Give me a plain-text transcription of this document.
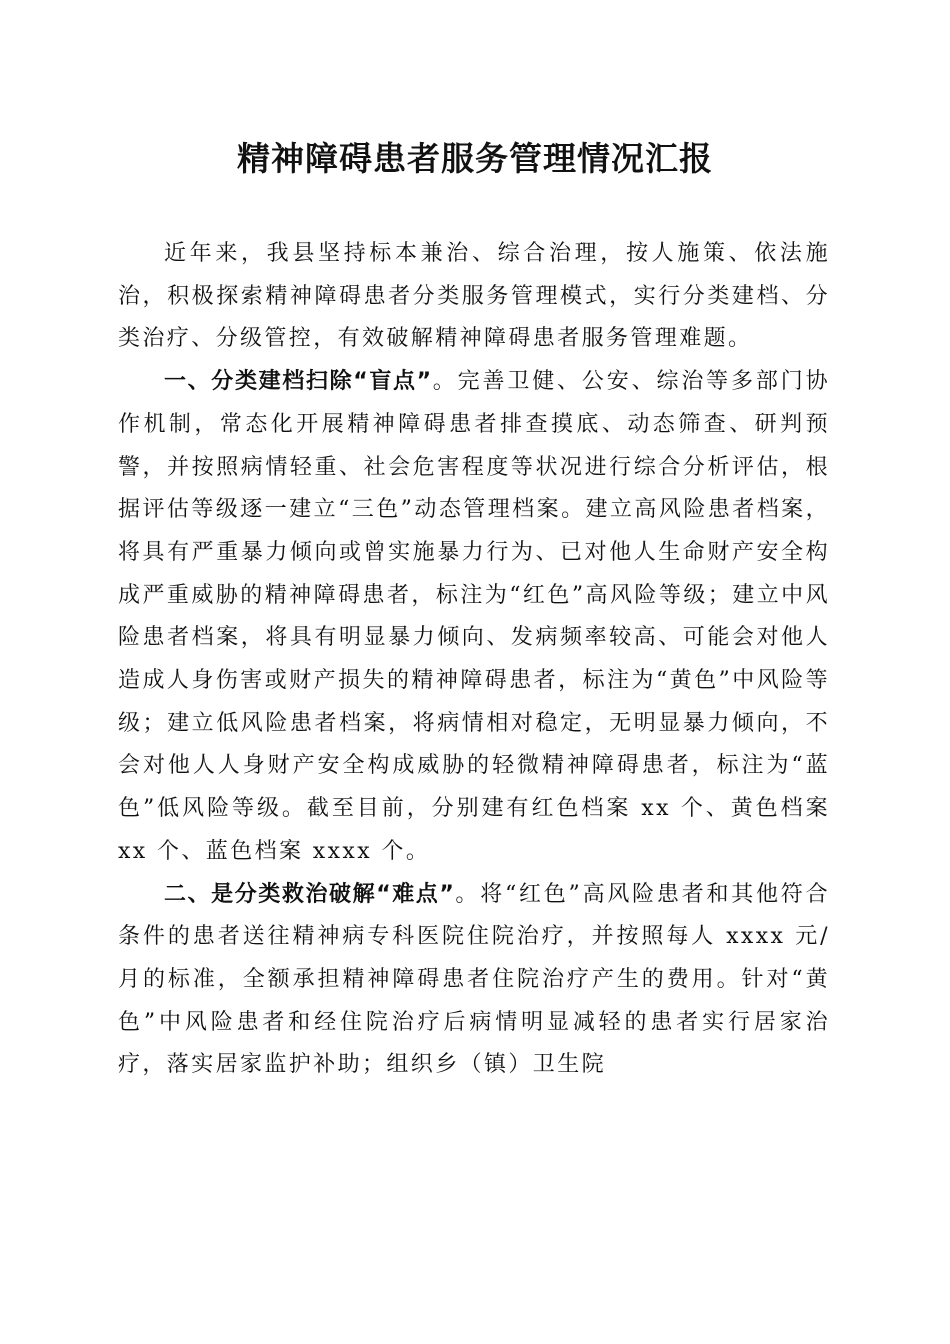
精神障碍患者服务管理情况汇报

近年来，我县坚持标本兼治、综合治理，按人施策、依法施治，积极探索精神障碍患者分类服务管理模式，实行分类建档、分类治疗、分级管控，有效破解精神障碍患者服务管理难题。

一、分类建档扫除“盲点”。完善卫健、公安、综治等多部门协作机制，常态化开展精神障碍患者排查摸底、动态筛查、研判预警，并按照病情轻重、社会危害程度等状况进行综合分析评估，根据评估等级逐一建立“三色”动态管理档案。建立高风险患者档案，将具有严重暴力倾向或曾实施暴力行为、已对他人生命财产安全构成严重威胁的精神障碍患者，标注为“红色”高风险等级；建立中风险患者档案，将具有明显暴力倾向、发病频率较高、可能会对他人造成人身伤害或财产损失的精神障碍患者，标注为“黄色”中风险等级；建立低风险患者档案，将病情相对稳定，无明显暴力倾向，不会对他人人身财产安全构成威胁的轻微精神障碍患者，标注为“蓝色”低风险等级。截至目前，分别建有红色档案 xx 个、黄色档案 xx 个、蓝色档案 xxxx 个。

二、是分类救治破解“难点”。将“红色”高风险患者和其他符合条件的患者送往精神病专科医院住院治疗，并按照每人 xxxx 元/月的标准，全额承担精神障碍患者住院治疗产生的费用。针对“黄色”中风险患者和经住院治疗后病情明显减轻的患者实行居家治疗，落实居家监护补助；组织乡（镇）卫生院
